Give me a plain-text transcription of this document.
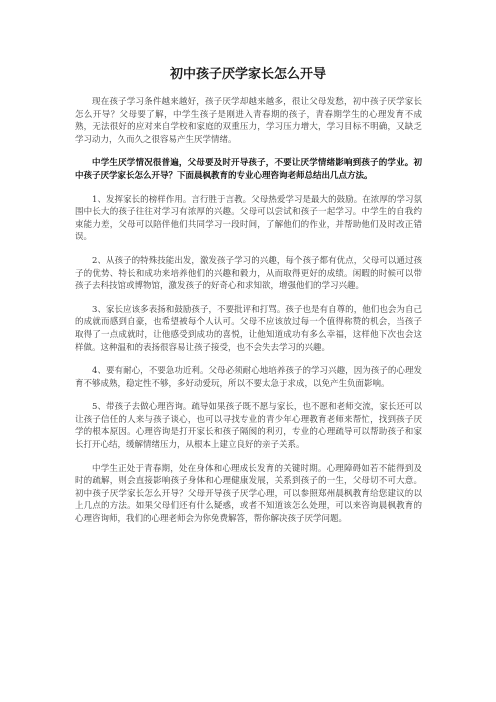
初中孩子厌学家长怎么开导

现在孩子学习条件越来越好，孩子厌学却越来越多，很让父母发愁，初中孩子厌学家长怎么开导？父母要了解，中学生孩子是刚进入青春期的孩子，青春期学生的心理发育不成熟，无法很好的应对来自学校和家庭的双重压力，学习压力增大，学习目标不明确，又缺乏学习动力，久而久之很容易产生厌学情绪。

中学生厌学情况很普遍，父母要及时开导孩子，不要让厌学情绪影响到孩子的学业。初中孩子厌学家长怎么开导？下面晨枫教育的专业心理咨询老师总结出几点方法。

1、发挥家长的榜样作用。言行胜于言教。父母热爱学习是最大的鼓励。在浓厚的学习氛围中长大的孩子往往对学习有浓厚的兴趣。父母可以尝试和孩子一起学习。中学生的自我约束能力差，父母可以陪伴他们共同学习一段时间，了解他们的作业，并帮助他们及时改正错误。

2、从孩子的特殊技能出发，激发孩子学习的兴趣，每个孩子都有优点，父母可以通过孩子的优势、特长和成功来培养他们的兴趣和毅力，从而取得更好的成绩。闲暇的时候可以带孩子去科技馆或博物馆，激发孩子的好奇心和求知欲，增强他们的学习兴趣。

3、家长应该多表扬和鼓励孩子，不要批评和打骂。孩子也是有自尊的，他们也会为自己的成就而感到自豪，也希望被每个人认可。父母不应该放过每一个值得称赞的机会，当孩子取得了一点成就时，让他感受到成功的喜悦，让他知道成功有多么幸福，这样他下次也会这样做。这种温和的表扬很容易让孩子接受，也不会失去学习的兴趣。

4、要有耐心，不要急功近利。父母必须耐心地培养孩子的学习兴趣，因为孩子的心理发育不够成熟，稳定性不够，多好动爱玩，所以不要太急于求成，以免产生负面影响。

5、带孩子去做心理咨询。疏导如果孩子既不愿与家长，也不愿和老师交流，家长还可以让孩子信任的人来与孩子谈心，也可以寻找专业的青少年心理教育老师来帮忙，找到孩子厌学的根本原因。心理咨询是打开家长和孩子隔阂的利刃，专业的心理疏导可以帮助孩子和家长打开心结，缓解情绪压力，从根本上建立良好的亲子关系。

中学生正处于青春期，处在身体和心理成长发育的关键时期。心理障碍如若不能得到及时的疏解，则会直接影响孩子身体和心理健康发展，关系到孩子的一生，父母切不可大意。初中孩子厌学家长怎么开导？父母开导孩子厌学心理，可以参照郑州晨枫教育给您建议的以上几点的方法。如果父母们还有什么疑惑，或者不知道该怎么处理，可以来咨询晨枫教育的心理咨询师，我们的心理老师会为你免费解答，帮你解决孩子厌学问题。
